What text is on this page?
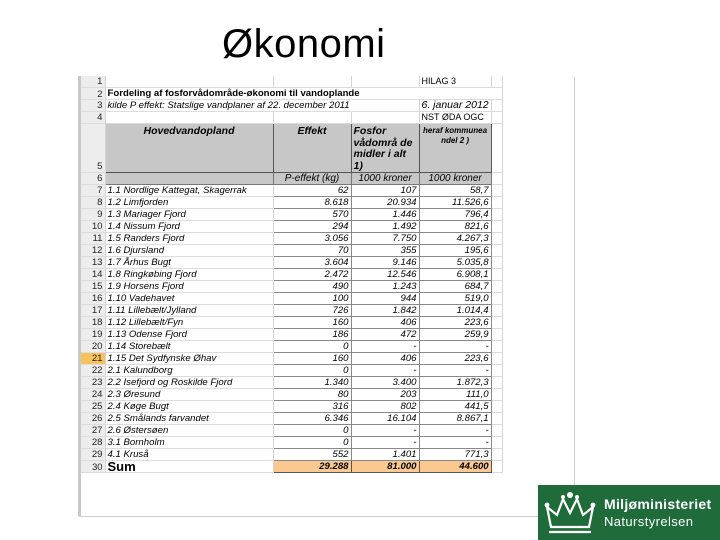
Økonomi
1				HILAG 3	
2	Fordeling af fosforvådområde-økonomi til vandoplande				
3	kilde P effekt: Statslige vandplaner af 22. december 2011			6. januar 2012	
4				NST ØDA OGC	
5	Hovedvandopland	Effekt	Fosfor vådområ de midler i alt 1)	heraf kommuneа ndel 2 )	

6		P-effekt (kg)	1000 kroner	1000 kroner	
7	1.1 Nordlige Kattegat, Skagerrak	62	107	58,7	
8	1.2 Limfjorden	8.618	20.934	11.526,6	
9	1.3 Mariager Fjord	570	1.446	796,4	
10	1.4 Nissum Fjord	294	1.492	821,6	
11	1.5 Randers Fjord	3.056	7.750	4.267,3	
12	1.6 Djursland	70	355	195,6	
13	1.7 Århus Bugt	3.604	9.146	5.035,8	
14	1.8 Ringkøbing Fjord	2.472	12.546	6.908,1	
15	1.9 Horsens Fjord	490	1.243	684,7	
16	1.10 Vadehavet	100	944	519,0	
17	1.11 Lillebælt/Jylland	726	1.842	1.014,4	
18	1.12 Lillebælt/Fyn	160	406	223,6	
19	1.13 Odense Fjord	186	472	259,9	
20	1.14 Storebælt	0	-	-	
21	1.15 Det Sydfynske Øhav	160	406	223,6	
22	2.1 Kalundborg	0	-	-	
23	2.2 Isefjord og Roskilde Fjord	1.340	3.400	1.872,3	
24	2.3 Øresund	80	203	111,0	
25	2.4 Køge Bugt	316	802	441,5	
26	2.5 Smålands farvandet	6.346	16.104	8.867,1	
27	2.6 Østersøen	0	-	-	
28	3.1 Bornholm	0	-	-	
29	4.1 Kruså	552	1.401	771,3	
30	Sum	29.288	81.000	44.600	
Miljøministeriet
Naturstyrelsen
